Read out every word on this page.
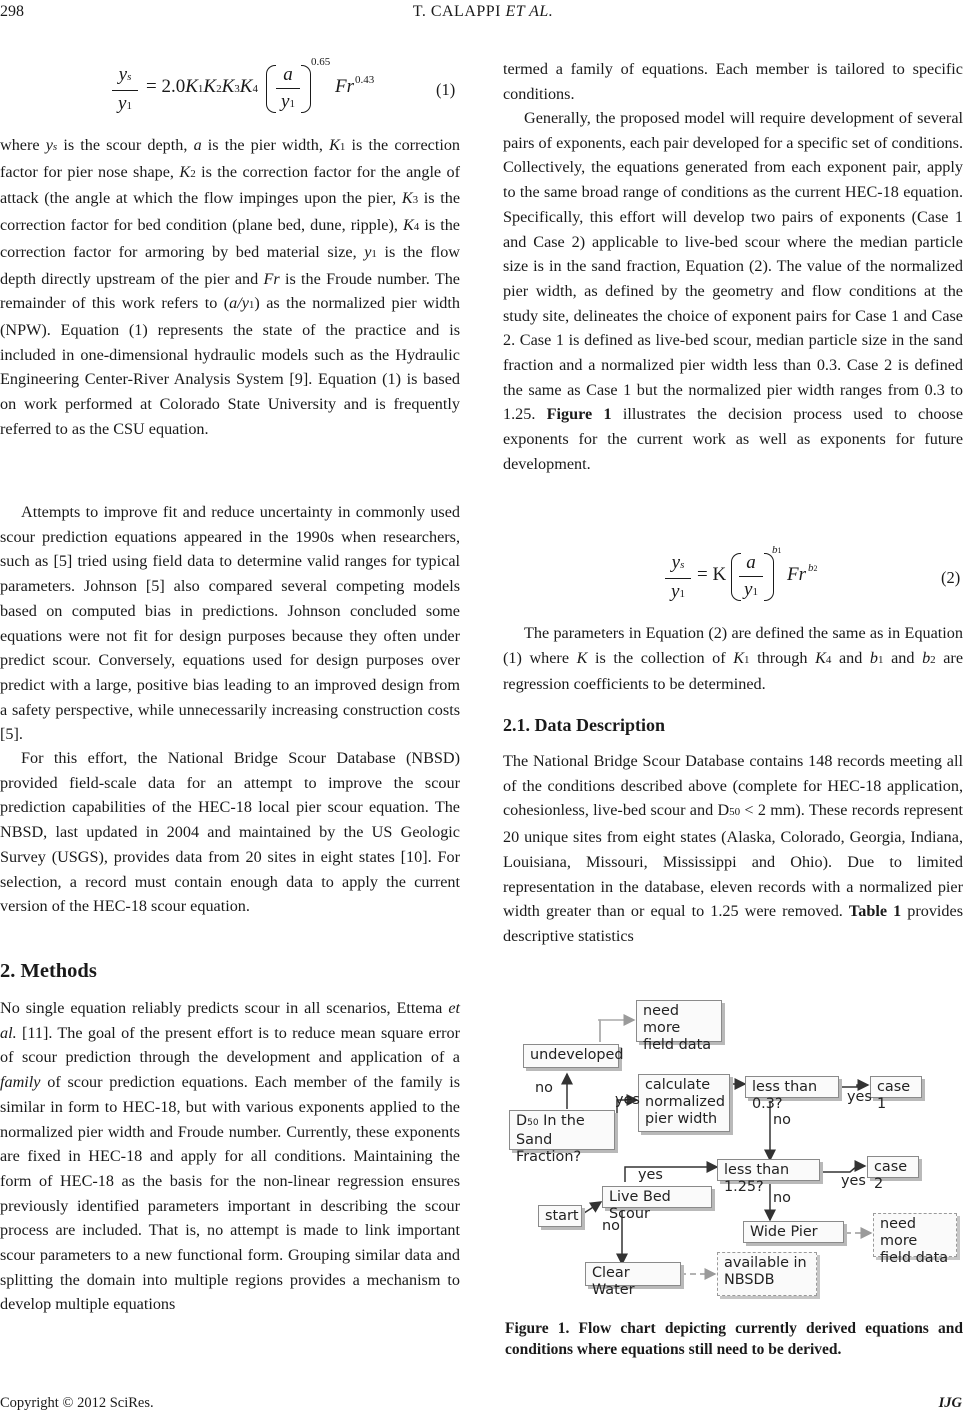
298	T. CALAPPI ET AL.
ys
y1
= 2.0K1K2K3K4
a
y1
0.65
0.43
Fr	(1)

where ys is the scour depth, a is the pier width, K1 is the correction factor for pier nose shape, K2 is the correction factor for the angle of attack (the angle at which the flow impinges upon the pier, K3 is the correction factor for bed condition (plane bed, dune, ripple), K4 is the correction factor for armoring by bed material size, y1 is the flow depth directly upstream of the pier and Fr is the Froude number. The remainder of this work refers to (a/y1) as the normalized pier width (NPW). Equation (1) represents the state of the practice and is included in one-dimensional hydraulic models such as the Hydraulic Engineering Center-River Analysis System [9]. Equation (1) is based on work performed at Colorado State University and is frequently referred to as the CSU equation.

Attempts to improve fit and reduce uncertainty in commonly used scour prediction equations appeared in the 1990s when researchers, such as [5] tried using field data to determine valid ranges for typical parameters. Johnson [5] also compared several competing models based on computed bias in predictions. Johnson concluded some equations were not fit for design purposes because they often under predict scour. Conversely, equations used for design purposes over predict with a large, positive bias leading to an improved design from a safety perspective, while unnecessarily increasing construction costs [5].

For this effort, the National Bridge Scour Database (NBSD) provided field-scale data for an attempt to improve the scour prediction capabilities of the HEC-18 local pier scour equation. The NBSD, last updated in 2004 and maintained by the US Geologic Survey (USGS), provides data from 20 sites in eight states [10]. For selection, a record must contain enough data to apply the current version of the HEC-18 scour equation.

2. Methods

No single equation reliably predicts scour in all scenarios, Ettema et al. [11]. The goal of the present effort is to reduce mean square error of scour prediction through the development and application of a family of scour prediction equations. Each member of the family is similar in form to HEC-18, but with various exponents applied to the normalized pier width and Froude number. Currently, these exponents are fixed in HEC-18 and apply for all conditions. Maintaining the form of HEC-18 as the basis for the non-linear regression ensures previously identified parameters important in describing the scour process are included. That is, no attempt is made to link important scour parameters to a new functional form. Grouping similar data and splitting the domain into multiple regions provides a mechanism to develop multiple equations

termed a family of equations. Each member is tailored to specific conditions.

Generally, the proposed model will require development of several pairs of exponents, each pair developed for a specific set of conditions. Collectively, the equations generated from each exponent pair, apply to the same broad range of conditions as the current HEC-18 equation. Specifically, this effort will develop two pairs of exponents (Case 1 and Case 2) applicable to live-bed scour where the median particle size is in the sand fraction, Equation (2). The value of the normalized pier width, as defined by the geometry and flow conditions at the study site, delineates the choice of exponent pairs for Case 1 and Case 2. Case 1 is defined as live-bed scour, median particle size in the sand fraction and a normalized pier width less than 0.3. Case 2 is defined the same as Case 1 but the normalized pier width ranges from 0.3 to 1.25. Figure 1 illustrates the decision process used to choose exponents for the current work as well as exponents for future development.

ys
y1
= K
a
y1
b1
Fr b2	(2)

The parameters in Equation (2) are defined the same as in Equation (1) where K is the collection of K1 through K4 and b1 and b2 are regression coefficients to be determined.

2.1. Data Description

The National Bridge Scour Database contains 148 records meeting all of the conditions described above (complete for HEC-18 application, cohesionless, live-bed scour and D50 < 2 mm). These records represent 20 unique sites from eight states (Alaska, Colorado, Georgia, Indiana, Louisiana, Missouri, Mississippi and Ohio). Due to limited representation in the database, eleven records with a normalized pier width greater than or equal to 1.25 were removed. Table 1 provides descriptive statistics

need more field data
undeveloped
calculate normalized pier width
less than 0.3?
case 1
D50 In the Sand Fraction?
less than 1.25?
case 2
Live Bed Scour
start
Wide Pier	need more field data
Clear Water
available in NBSDB
no
yes	yes
no
yes	yes
no
no

Figure 1. Flow chart depicting currently derived equations and conditions where equations still need to be derived.

Copyright © 2012 SciRes.	IJG
